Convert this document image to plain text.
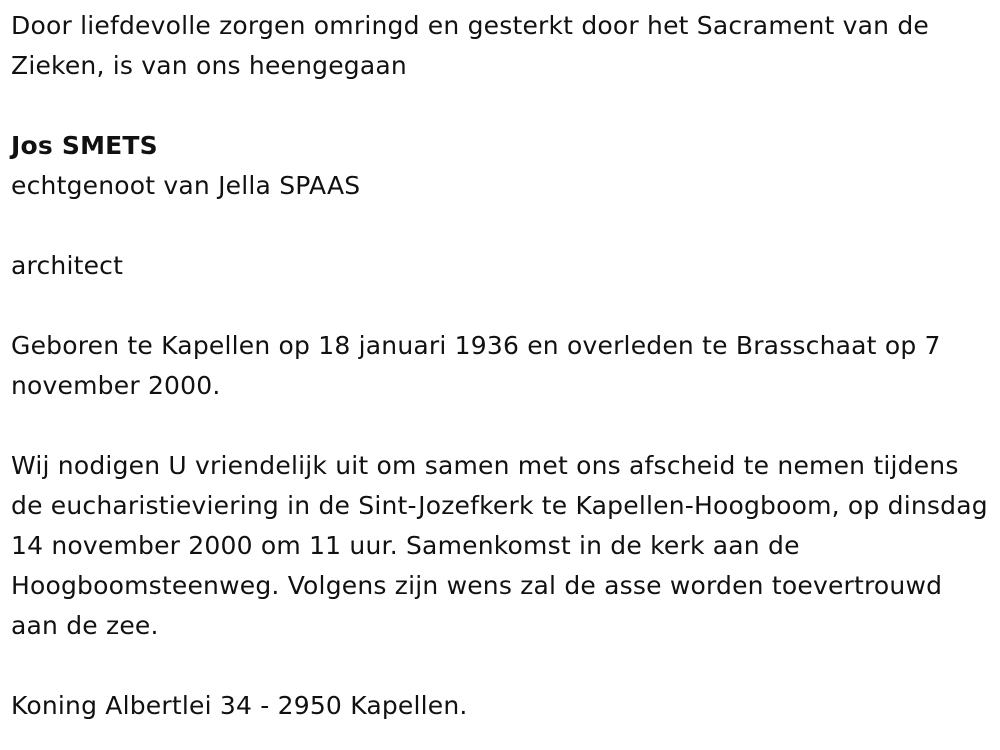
Door liefdevolle zorgen omringd en gesterkt door het Sacrament van de Zieken, is van ons heengegaan

Jos SMETS

echtgenoot van Jella SPAAS

architect

Geboren te Kapellen op 18 januari 1936 en overleden te Brasschaat op 7 november 2000.

Wij nodigen U vriendelijk uit om samen met ons afscheid te nemen tijdens de eucharistieviering in de Sint-Jozefkerk te Kapellen-Hoogboom, op dinsdag 14 november 2000 om 11 uur. Samenkomst in de kerk aan de Hoogboomsteenweg. Volgens zijn wens zal de asse worden toevertrouwd aan de zee.

Koning Albertlei 34 - 2950 Kapellen.
